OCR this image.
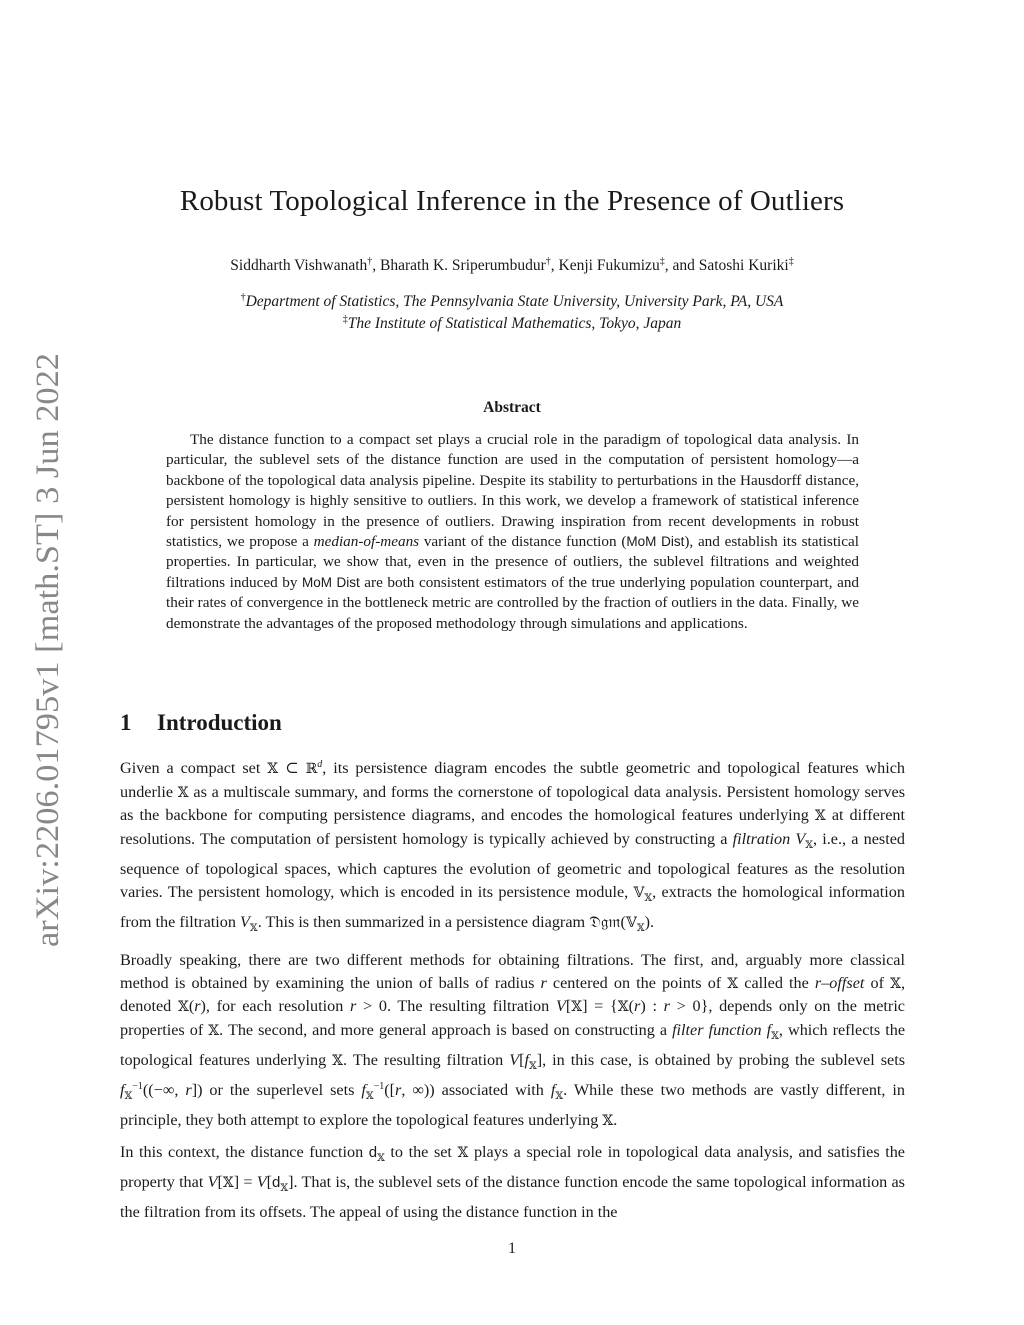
arXiv:2206.01795v1 [math.ST] 3 Jun 2022
Robust Topological Inference in the Presence of Outliers
Siddharth Vishwanath†, Bharath K. Sriperumbudur†, Kenji Fukumizu‡, and Satoshi Kuriki‡
†Department of Statistics, The Pennsylvania State University, University Park, PA, USA
‡The Institute of Statistical Mathematics, Tokyo, Japan
Abstract
The distance function to a compact set plays a crucial role in the paradigm of topological data analysis. In particular, the sublevel sets of the distance function are used in the computation of persistent homology—a backbone of the topological data analysis pipeline. Despite its stability to perturbations in the Hausdorff distance, persistent homology is highly sensitive to outliers. In this work, we develop a framework of statistical inference for persistent homology in the presence of outliers. Drawing inspiration from recent developments in robust statistics, we propose a median-of-means variant of the distance function (MoM Dist), and establish its statistical properties. In particular, we show that, even in the presence of outliers, the sublevel filtrations and weighted filtrations induced by MoM Dist are both consistent estimators of the true underlying population counterpart, and their rates of convergence in the bottleneck metric are controlled by the fraction of outliers in the data. Finally, we demonstrate the advantages of the proposed methodology through simulations and applications.
1 Introduction
Given a compact set 𝕏 ⊂ ℝ$^d$, its persistence diagram encodes the subtle geometric and topological features which underlie 𝕏 as a multiscale summary, and forms the cornerstone of topological data analysis. Persistent homology serves as the backbone for computing persistence diagrams, and encodes the homological features underlying 𝕏 at different resolutions. The computation of persistent homology is typically achieved by constructing a filtration $V_𝕏$, i.e., a nested sequence of topological spaces, which captures the evolution of geometric and topological features as the resolution varies. The persistent homology, which is encoded in its persistence module, 𝕍$_𝕏$, extracts the homological information from the filtration $V_𝕏$. This is then summarized in a persistence diagram 𝔇𝔤𝔪(𝕍$_𝕏$).
Broadly speaking, there are two different methods for obtaining filtrations. The first, and, arguably more classical method is obtained by examining the union of balls of radius r centered on the points of 𝕏 called the r–offset of 𝕏, denoted 𝕏(r), for each resolution r > 0. The resulting filtration V[𝕏] = {𝕏(r) : r > 0}, depends only on the metric properties of 𝕏. The second, and more general approach is based on constructing a filter function $f_𝕏$, which reflects the topological features underlying 𝕏. The resulting filtration $V[f_𝕏]$, in this case, is obtained by probing the sublevel sets $f_𝕏^{-1}((-\infty$, r]) or the superlevel sets $f_𝕏^{-1}([r$, ∞)) associated with $f_𝕏$. While these two methods are vastly different, in principle, they both attempt to explore the topological features underlying 𝕏.
In this context, the distance function $d_𝕏$ to the set 𝕏 plays a special role in topological data analysis, and satisfies the property that V[𝕏] = $V[d_𝕏]$. That is, the sublevel sets of the distance function encode the same topological information as the filtration from its offsets. The appeal of using the distance function in the
1
